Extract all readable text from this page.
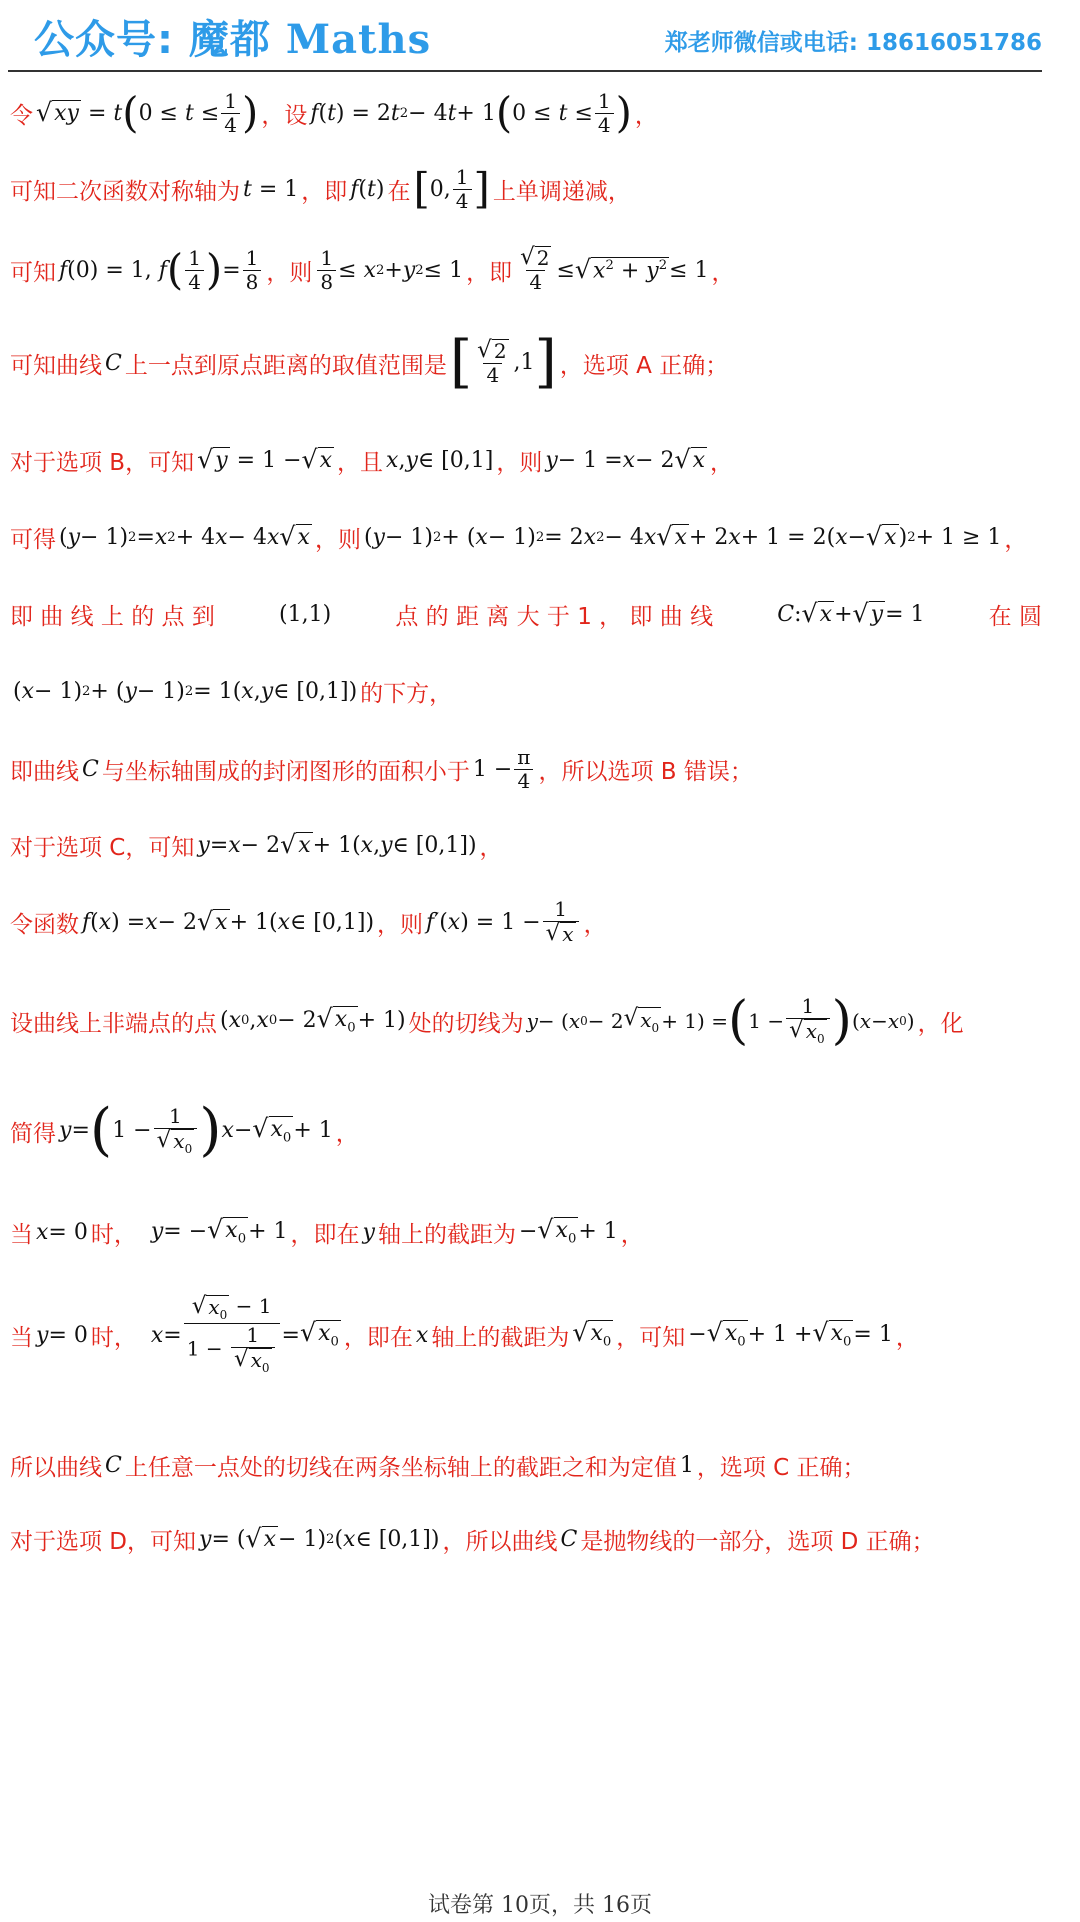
公众号: 魔都 Maths	郑老师微信或电话: 18616051786
令 √ xy = t ( $0 \le t \le \frac{1}{4}$ ) ，设 f ( t ) = 2 t 2 − 4 t + 1 ( $0 \le t \le \frac{1}{4}$ ) ，
可知二次函数对称轴为 t = 1 ，即 f ( t ) 在 [ 0, $\frac{1}{4}$ ] 上单调递减，
可知 f (0) = 1, f ( $\frac{1}{4}$ ) = $\frac{1}{8}$ ，则 $\frac{1}{8} \le x$ 2 + y 2 ≤ 1 ，即 $\frac{√ 2}{4}$ ≤ √ $x^2 + y^2 \le 1$ ，
可知曲线 C 上一点到原点距离的取值范围是 [ $\frac{√ 2}{4} ,1$ ] ，选项 A 正确；
对于选项 B，可知 √ y = 1 − √ x ，且 x , y ∈ [0,1] ，则 y − 1 = x − 2 √ x ，
可得 ( y − 1) 2 = x 2 + 4 x − 4 x √ x ，则 ( y − 1) 2 + ( x − 1) 2 = 2 x 2 − 4 x √ x + 2 x + 1 = 2( x − √ x ) 2 + 1 ≥ 1 ，
即 曲 线 上 的 点 到	(1,1)	点 的 距 离 大 于 1 ， 即 曲 线	C : √ x + √ y = 1	在 圆
( x − 1) 2 + ( y − 1) 2 = 1( x , y ∈ [0,1]) 的下方，
即曲线 C 与坐标轴围成的封闭图形的面积小于 $1 - \frac{\pi}{4}$ ，所以选项 B 错误；
对于选项 C，可知 y = x − 2 √ x + 1( x , y ∈ [0,1]) ，
令函数 f ( x ) = x − 2 √ x + 1( x ∈ [0,1]) ，则 f ′( x ) = $1 - \frac{1}{√ x}$ ，
设曲线上非端点的点 ( x 0 , x 0 − 2 √ $x_0 + 1$) 处的切线为 y − ( x 0 − 2 √ $x_0 + 1$) = ( $1 - \frac{1}{√ x_0}$ ) ( x − x 0 ) ，化
简得 y = ( $1 - \frac{1}{√ x_0}$ ) x − √ $x_0 + 1$ ，
当 x = 0 时， y = − √ $x_0 + 1$ ，即在 y 轴上的截距为 − √ $x_0 + 1$ ，
当 y = 0 时， $x = \frac{√ x_0 - 1}{1 - \frac{1}{√ x_0}}$ = √ $x_0$ ，即在 x 轴上的截距为 √ $x_0$ ，可知 − √ $x_0 + 1$ + √ $x_0 = 1$ ，
所以曲线 C 上任意一点处的切线在两条坐标轴上的截距之和为定值 1 ，选项 C 正确；
对于选项 D，可知 y = ( √ x − 1) 2 ( x ∈ [0,1]) ，所以曲线 C 是抛物线的一部分，选项 D 正确；
试卷第 10页，共 16页
